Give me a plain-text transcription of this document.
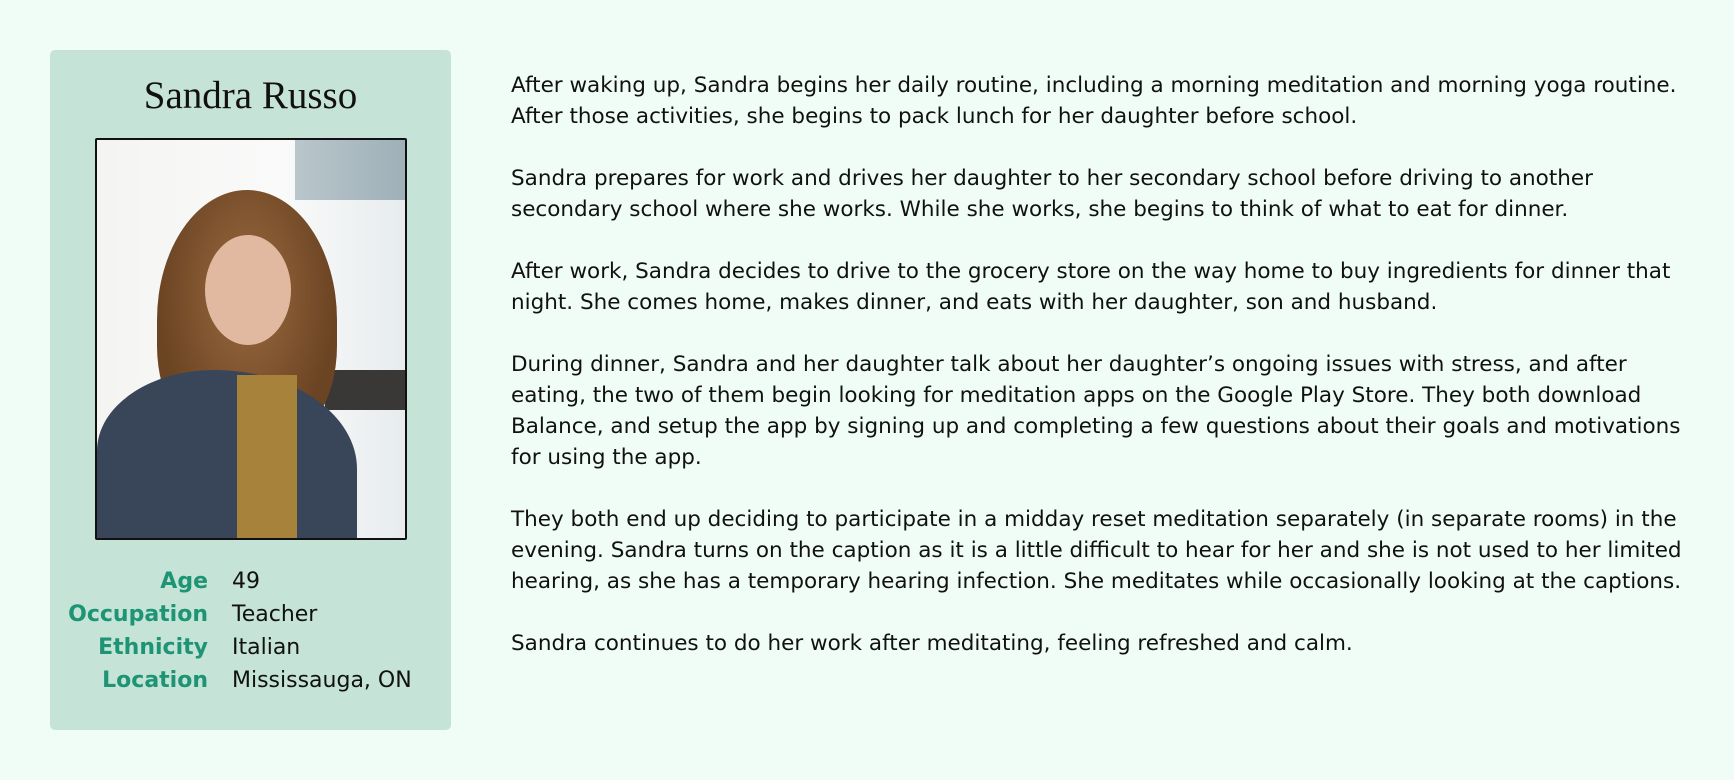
Sandra Russo
Age	49
Occupation	Teacher
Ethnicity	Italian
Location	Mississauga, ON

After waking up, Sandra begins her daily routine, including a morning meditation and morning yoga routine. After those activities, she begins to pack lunch for her daughter before school.

Sandra prepares for work and drives her daughter to her secondary school before driving to another secondary school where she works. While she works, she begins to think of what to eat for dinner.

After work, Sandra decides to drive to the grocery store on the way home to buy ingredients for dinner that night. She comes home, makes dinner, and eats with her daughter, son and husband.

During dinner, Sandra and her daughter talk about her daughter’s ongoing issues with stress, and after eating, the two of them begin looking for meditation apps on the Google Play Store. They both download Balance, and setup the app by signing up and completing a few questions about their goals and motivations for using the app.

They both end up deciding to participate in a midday reset meditation separately (in separate rooms) in the evening. Sandra turns on the caption as it is a little difficult to hear for her and she is not used to her limited hearing, as she has a temporary hearing infection. She meditates while occasionally looking at the captions.

Sandra continues to do her work after meditating, feeling refreshed and calm.
